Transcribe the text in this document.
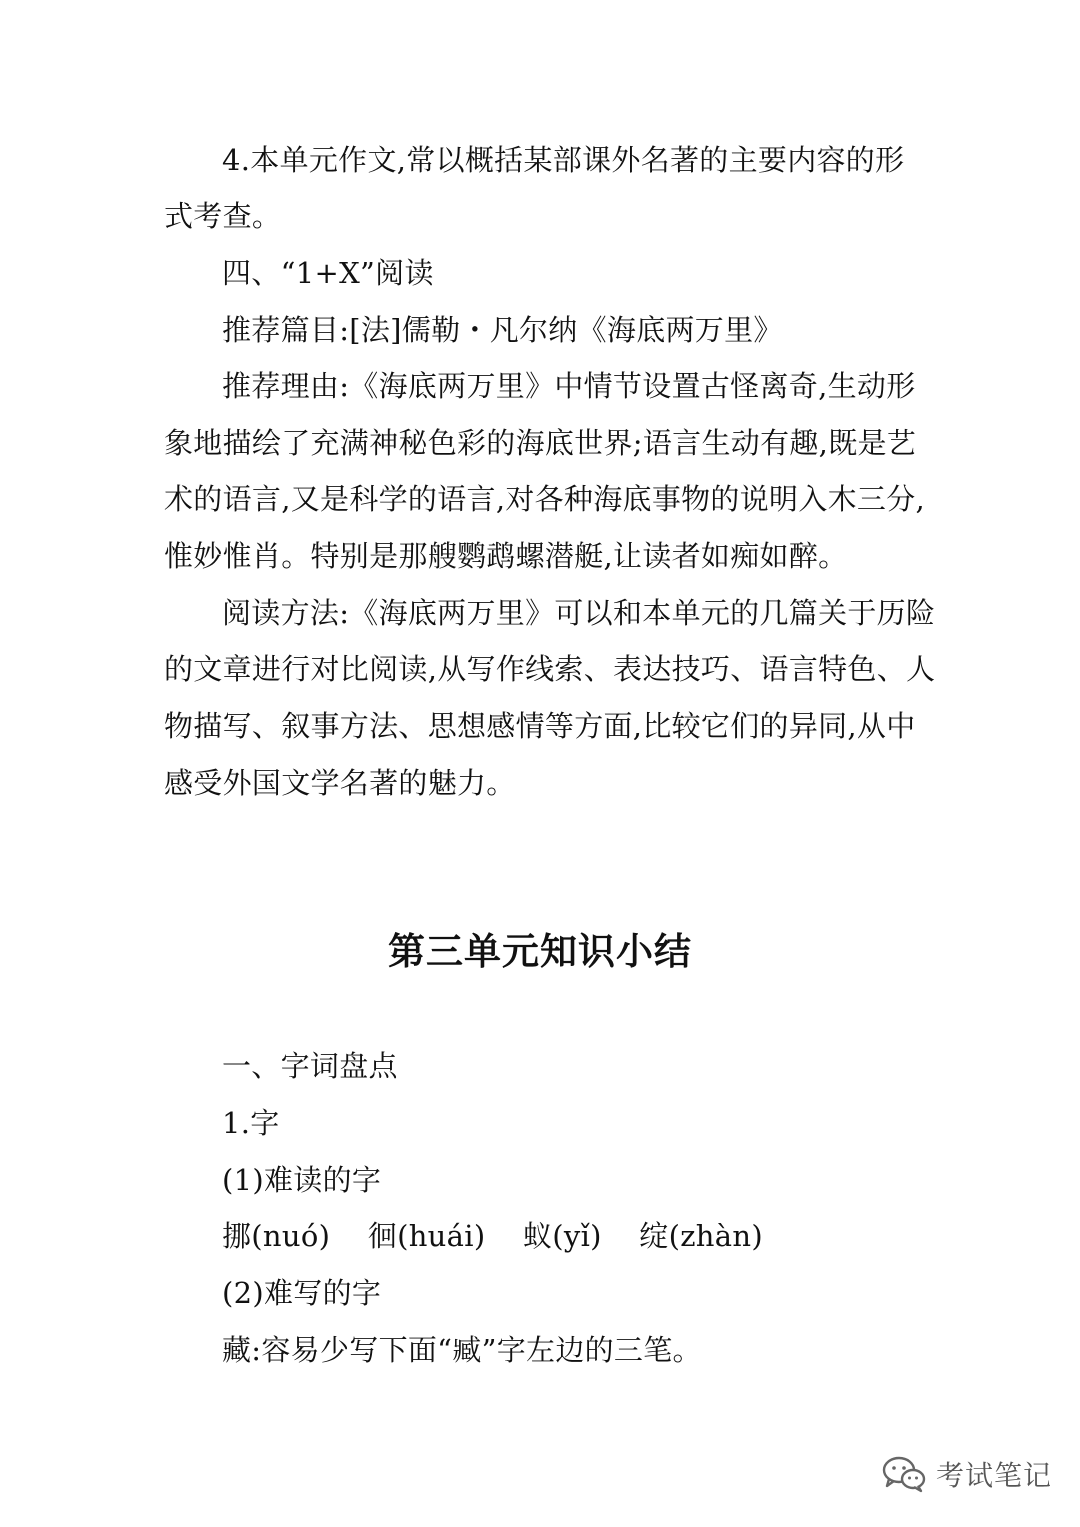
4.本单元作文,常以概括某部课外名著的主要内容的形
式考查。
四、“1+X”阅读
推荐篇目:[法]儒勒・凡尔纳《海底两万里》
推荐理由:《海底两万里》中情节设置古怪离奇,生动形
象地描绘了充满神秘色彩的海底世界;语言生动有趣,既是艺
术的语言,又是科学的语言,对各种海底事物的说明入木三分,
惟妙惟肖。特别是那艘鹦鹉螺潜艇,让读者如痴如醉。
阅读方法:《海底两万里》可以和本单元的几篇关于历险
的文章进行对比阅读,从写作线索、表达技巧、语言特色、人
物描写、叙事方法、思想感情等方面,比较它们的异同,从中
感受外国文学名著的魅力。
第三单元知识小结
一、字词盘点
1.字
(1)难读的字
挪(nuó) 徊(huái) 蚁(yǐ) 绽(zhàn)
(2)难写的字
藏:容易少写下面“臧”字左边的三笔。
考试笔记
